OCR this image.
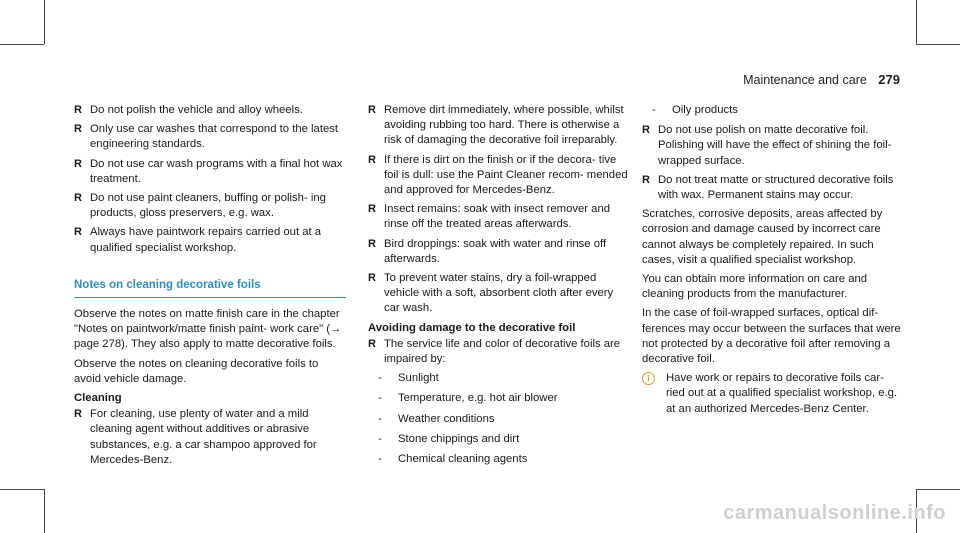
Maintenance and care 279
R Do not polish the vehicle and alloy wheels.
R Only use car washes that correspond to the latest engineering standards.
R Do not use car wash programs with a final hot wax treatment.
R Do not use paint cleaners, buffing or polish- ing products, gloss preservers, e.g. wax.
R Always have paintwork repairs carried out at a qualified specialist workshop.
Notes on cleaning decorative foils

Observe the notes on matte finish care in the chapter "Notes on paintwork/matte finish paint- work care" (→ page 278). They also apply to matte decorative foils.

Observe the notes on cleaning decorative foils to avoid vehicle damage.

Cleaning
R For cleaning, use plenty of water and a mild cleaning agent without additives or abrasive substances, e.g. a car shampoo approved for Mercedes-Benz.
R Remove dirt immediately, where possible, whilst avoiding rubbing too hard. There is otherwise a risk of damaging the decorative foil irreparably.
R If there is dirt on the finish or if the decora- tive foil is dull: use the Paint Cleaner recom- mended and approved for Mercedes-Benz.
R Insect remains: soak with insect remover and rinse off the treated areas afterwards.
R Bird droppings: soak with water and rinse off afterwards.
R To prevent water stains, dry a foil-wrapped vehicle with a soft, absorbent cloth after every car wash.
Avoiding damage to the decorative foil
R The service life and color of decorative foils are impaired by:
- Sunlight
- Temperature, e.g. hot air blower
- Weather conditions
- Stone chippings and dirt
- Chemical cleaning agents
- Oily products
R Do not use polish on matte decorative foil. Polishing will have the effect of shining the foil-wrapped surface.
R Do not treat matte or structured decorative foils with wax. Permanent stains may occur.

Scratches, corrosive deposits, areas affected by corrosion and damage caused by incorrect care cannot always be completely repaired. In such cases, visit a qualified specialist workshop.

You can obtain more information on care and cleaning products from the manufacturer.

In the case of foil-wrapped surfaces, optical dif- ferences may occur between the surfaces that were not protected by a decorative foil after removing a decorative foil.

i	Have work or repairs to decorative foils car- ried out at a qualified specialist workshop, e.g. at an authorized Mercedes-Benz Center.
carmanualsonline.info
